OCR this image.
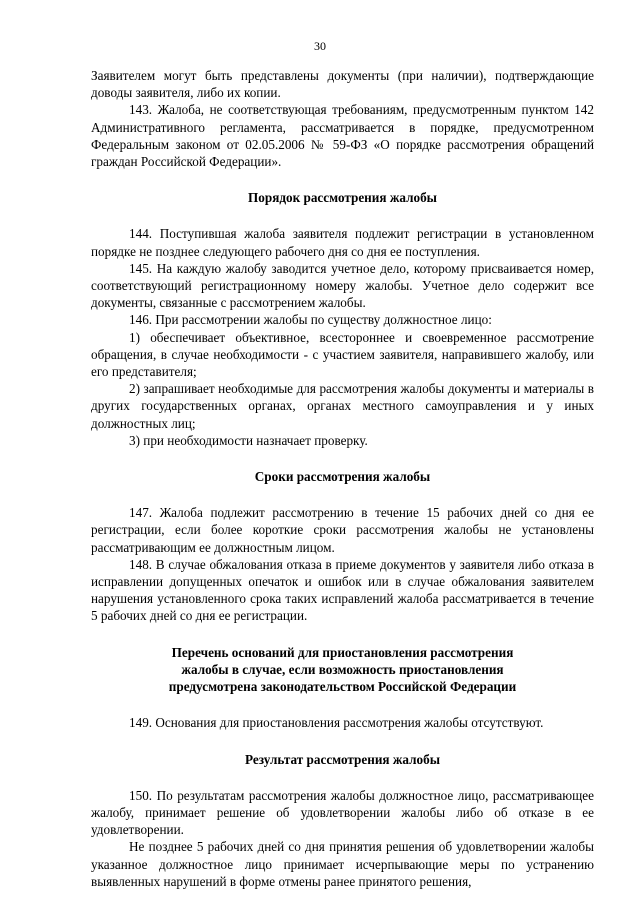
30

Заявителем могут быть представлены документы (при наличии), подтверждающие доводы заявителя, либо их копии.

143. Жалоба, не соответствующая требованиям, предусмотренным пунктом 142 Административного регламента, рассматривается в порядке, предусмотренном Федеральным законом от 02.05.2006 № 59-ФЗ «О порядке рассмотрения обращений граждан Российской Федерации».

Порядок рассмотрения жалобы

144. Поступившая жалоба заявителя подлежит регистрации в установленном порядке не позднее следующего рабочего дня со дня ее поступления.

145. На каждую жалобу заводится учетное дело, которому присваивается номер, соответствующий регистрационному номеру жалобы. Учетное дело содержит все документы, связанные с рассмотрением жалобы.

146. При рассмотрении жалобы по существу должностное лицо:

1) обеспечивает объективное, всестороннее и своевременное рассмотрение обращения, в случае необходимости - с участием заявителя, направившего жалобу, или его представителя;

2) запрашивает необходимые для рассмотрения жалобы документы и материалы в других государственных органах, органах местного самоуправления и у иных должностных лиц;

3) при необходимости назначает проверку.

Сроки рассмотрения жалобы

147. Жалоба подлежит рассмотрению в течение 15 рабочих дней со дня ее регистрации, если более короткие сроки рассмотрения жалобы не установлены рассматривающим ее должностным лицом.

148. В случае обжалования отказа в приеме документов у заявителя либо отказа в исправлении допущенных опечаток и ошибок или в случае обжалования заявителем нарушения установленного срока таких исправлений жалоба рассматривается в течение 5 рабочих дней со дня ее регистрации.

Перечень оснований для приостановления рассмотрения

жалобы в случае, если возможность приостановления

предусмотрена законодательством Российской Федерации

149. Основания для приостановления рассмотрения жалобы отсутствуют.

Результат рассмотрения жалобы

150. По результатам рассмотрения жалобы должностное лицо, рассматривающее жалобу, принимает решение об удовлетворении жалобы либо об отказе в ее удовлетворении.

Не позднее 5 рабочих дней со дня принятия решения об удовлетворении жалобы указанное должностное лицо принимает исчерпывающие меры по устранению выявленных нарушений в форме отмены ранее принятого решения,
